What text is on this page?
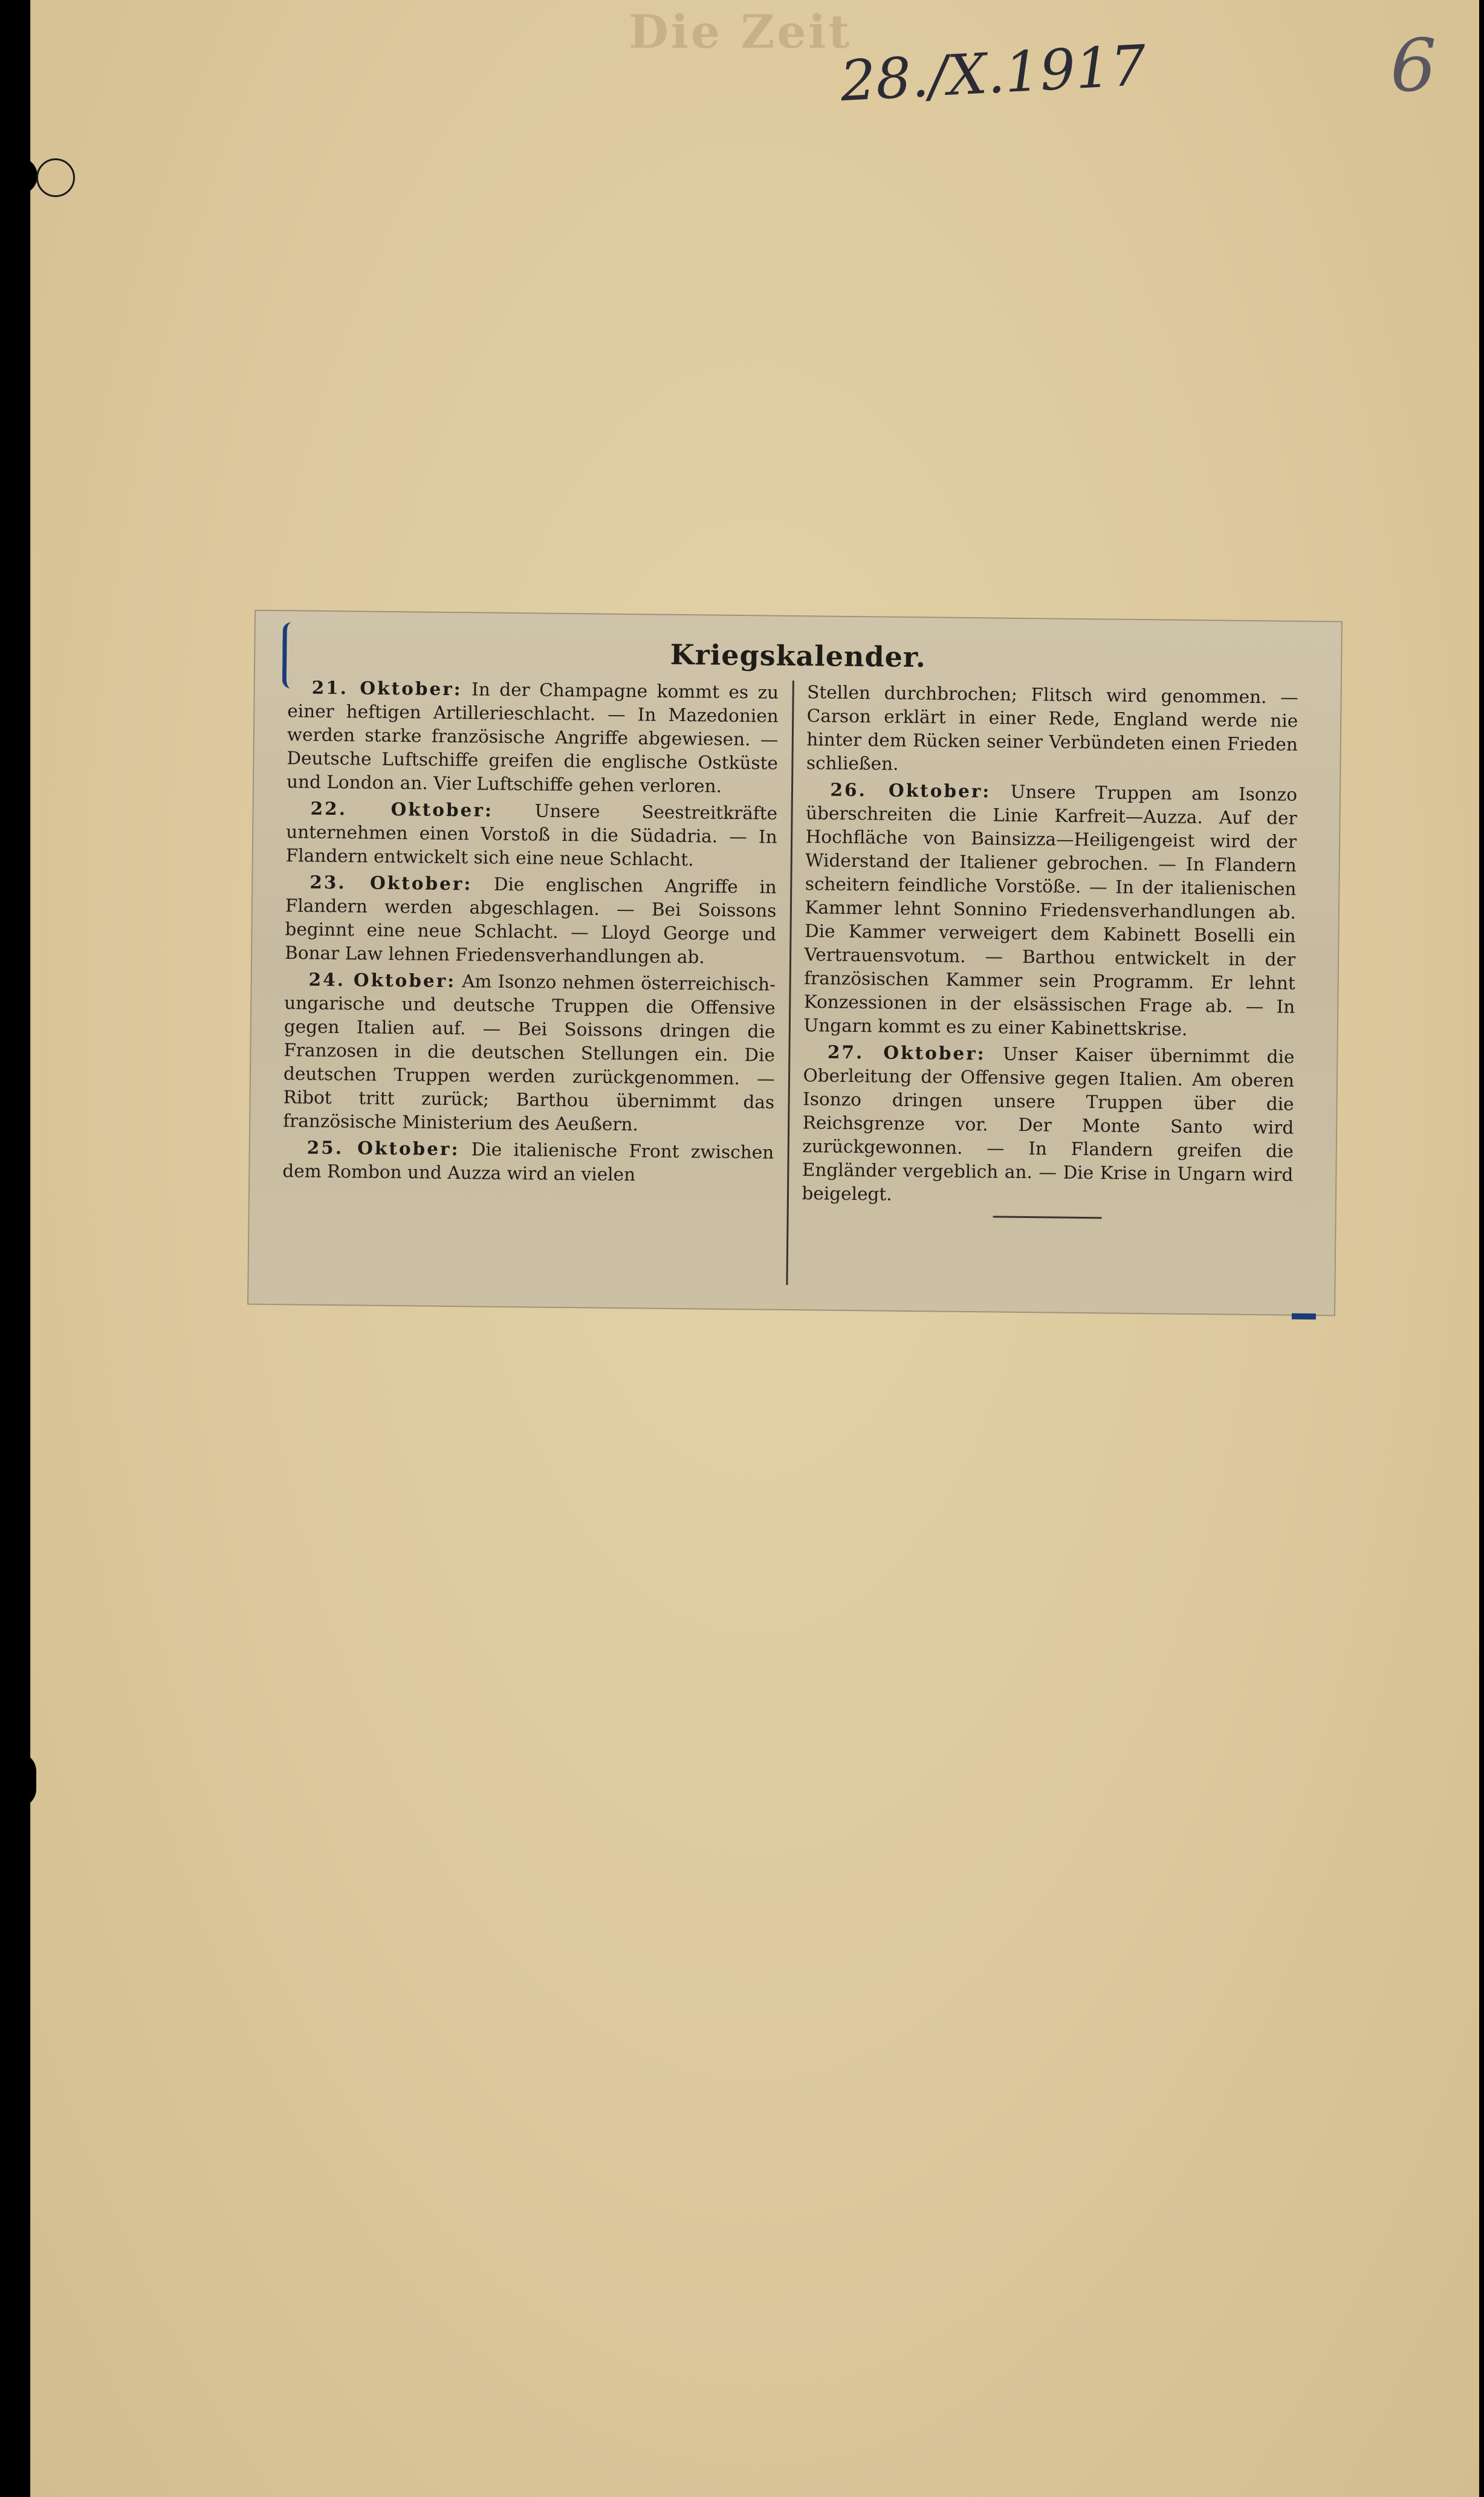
Die Zeit
28./X.1917	6
Kriegskalender.

21. Oktober: In der Champagne kommt es zu einer heftigen Artillerieschlacht. — In Mazedonien werden starke französische Angriffe abgewiesen. — Deutsche Luftschiffe greifen die englische Ostküste und London an. Vier Luftschiffe gehen verloren.

22. Oktober: Unsere Seestreitkräfte unternehmen einen Vorstoß in die Südadria. — In Flandern entwickelt sich eine neue Schlacht.

23. Oktober: Die englischen Angriffe in Flandern werden abgeschlagen. — Bei Soissons beginnt eine neue Schlacht. — Lloyd George und Bonar Law lehnen Friedensverhandlungen ab.

24. Oktober: Am Isonzo nehmen österreichisch-ungarische und deutsche Truppen die Offensive gegen Italien auf. — Bei Soissons dringen die Franzosen in die deutschen Stellungen ein. Die deutschen Truppen werden zurückgenommen. — Ribot tritt zurück; Barthou übernimmt das französische Ministerium des Aeußern.

25. Oktober: Die italienische Front zwischen dem Rombon und Auzza wird an vielen

Stellen durchbrochen; Flitsch wird genommen. — Carson erklärt in einer Rede, England werde nie hinter dem Rücken seiner Verbündeten einen Frieden schließen.

26. Oktober: Unsere Truppen am Isonzo überschreiten die Linie Karfreit—Auzza. Auf der Hochfläche von Bainsizza—Heiligengeist wird der Widerstand der Italiener gebrochen. — In Flandern scheitern feindliche Vorstöße. — In der italienischen Kammer lehnt Sonnino Friedensverhandlungen ab. Die Kammer verweigert dem Kabinett Boselli ein Vertrauensvotum. — Barthou entwickelt in der französischen Kammer sein Programm. Er lehnt Konzessionen in der elsässischen Frage ab. — In Ungarn kommt es zu einer Kabinettskrise.

27. Oktober: Unser Kaiser übernimmt die Oberleitung der Offensive gegen Italien. Am oberen Isonzo dringen unsere Truppen über die Reichsgrenze vor. Der Monte Santo wird zurückgewonnen. — In Flandern greifen die Engländer vergeblich an. — Die Krise in Ungarn wird beigelegt.
